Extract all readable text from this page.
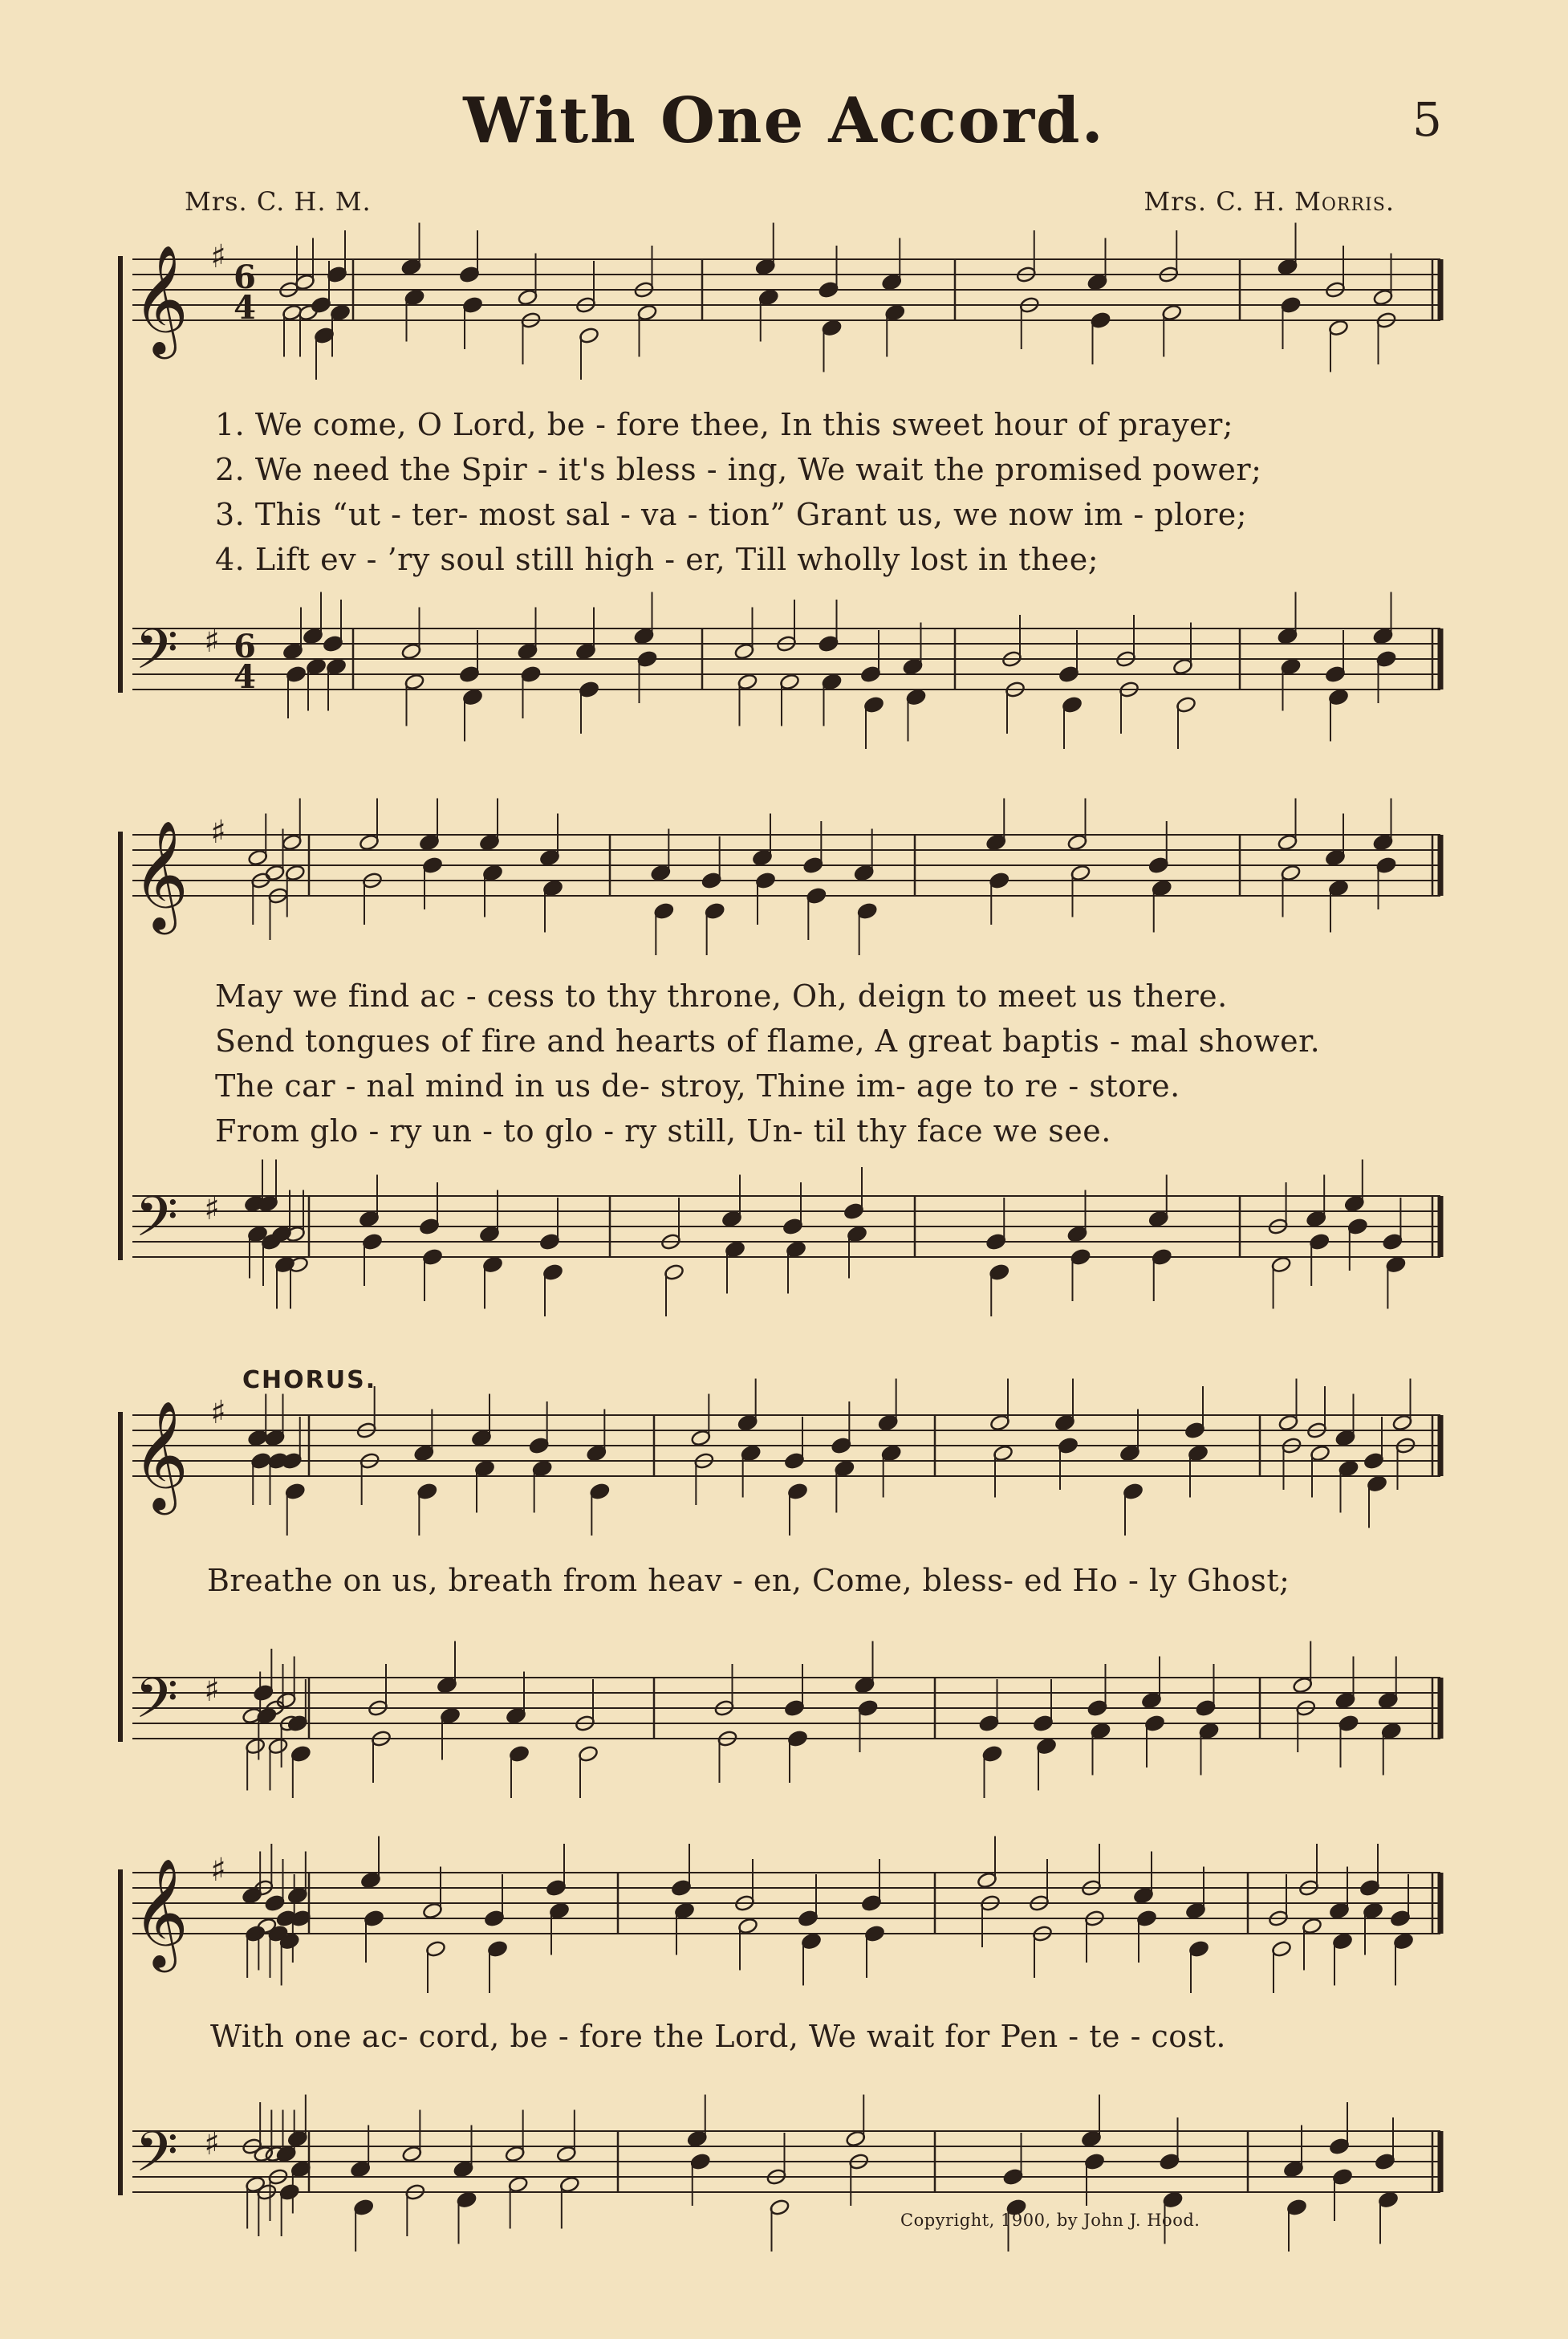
With One Accord.	5
Mrs. C. H. M.	Mrs. C. H. Morris.
𝄞
𝄢
♯
♯
6
4
6
4
𝄞
𝄢
♯
♯
𝄞
𝄢
♯
♯
𝄞
𝄢
♯
♯
1. We come, O Lord, be - fore thee, In this sweet hour of prayer;
2. We need the Spir - it's bless - ing, We wait the promised power;
3. This “ut - ter- most sal - va - tion” Grant us, we now im - plore;
4. Lift ev - ’ry soul still high - er, Till wholly lost in thee;
May we find ac - cess to thy throne, Oh, deign to meet us there.
Send tongues of fire and hearts of flame, A great baptis - mal shower.
The car - nal mind in us de- stroy, Thine im- age to re - store.
From glo - ry un - to glo - ry still, Un- til thy face we see.
CHORUS.
Breathe on us, breath from heav - en, Come, bless- ed Ho - ly Ghost;
With one ac- cord, be - fore the Lord, We wait for Pen - te - cost.
Copyright, 1900, by John J. Hood.
